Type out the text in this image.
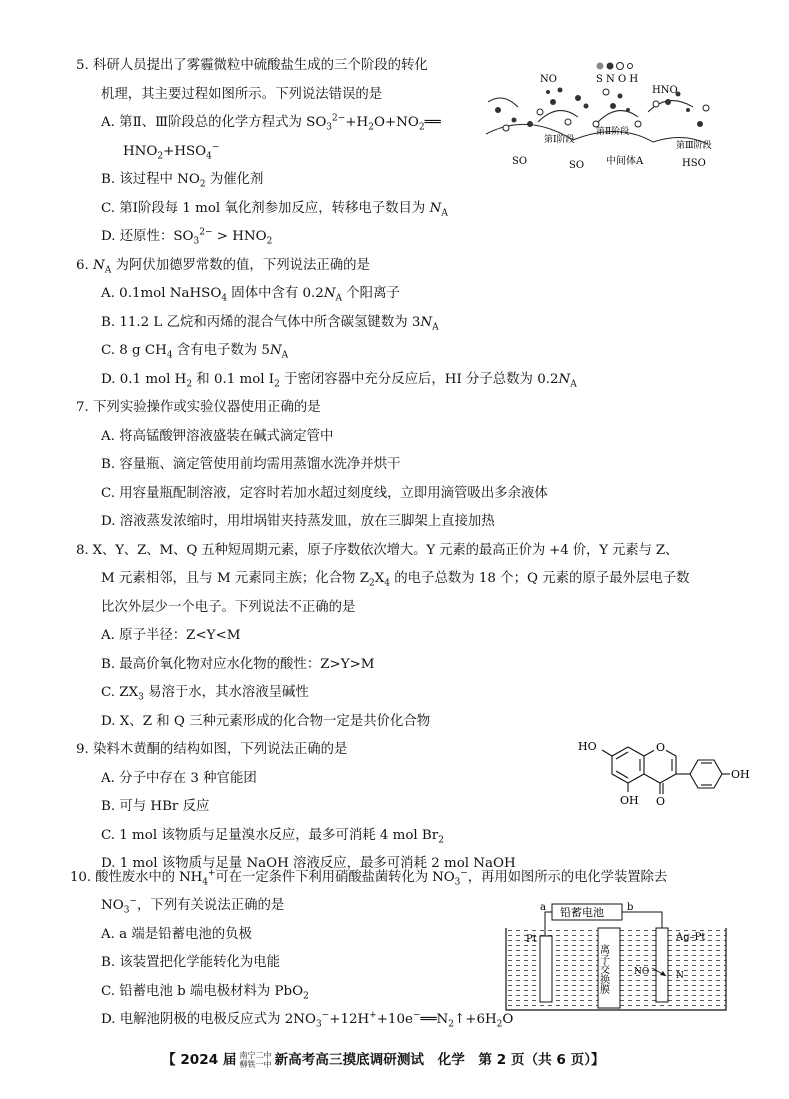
5. 科研人员提出了雾霾微粒中硫酸盐生成的三个阶段的转化
机理，其主要过程如图所示。下列说法错误的是
A. 第Ⅱ、Ⅲ阶段总的化学方程式为 $SO_3^{2-}+H_2O+NO_2══$
$HNO_2+HSO_4^-$
B. 该过程中 $NO_2$ 为催化剂
C. 第Ⅰ阶段每 1 mol 氧化剂参加反应，转移电子数目为 $N_A$
D. 还原性：$SO_3^{2-} > HNO_2$
S N O H
NO
HNO
SO	SO
第Ⅰ阶段
第Ⅱ阶段
第Ⅲ阶段
中间体A	HSO
6. $N_A$ 为阿伏加德罗常数的值，下列说法正确的是
A. 0.1mol NaHSO$_4$ 固体中含有 $0.2N_A$ 个阳离子
B. 11.2 L 乙烷和丙烯的混合气体中所含碳氢键数为 $3N_A$
C. 8 g $CH_4$ 含有电子数为 $5N_A$
D. 0.1 mol $H_2$ 和 0.1 mol $I_2$ 于密闭容器中充分反应后，HI 分子总数为 $0.2N_A$
7. 下列实验操作或实验仪器使用正确的是
A. 将高锰酸钾溶液盛装在碱式滴定管中
B. 容量瓶、滴定管使用前均需用蒸馏水洗净并烘干
C. 用容量瓶配制溶液，定容时若加水超过刻度线，立即用滴管吸出多余液体
D. 溶液蒸发浓缩时，用坩埚钳夹持蒸发皿，放在三脚架上直接加热
8. X、Y、Z、M、Q 五种短周期元素，原子序数依次增大。Y 元素的最高正价为 +4 价，Y 元素与 Z、
M 元素相邻，且与 M 元素同主族；化合物 $Z_2X_4$ 的电子总数为 18 个；Q 元素的原子最外层电子数
比次外层少一个电子。下列说法不正确的是
A. 原子半径：Z<Y<M
B. 最高价氧化物对应水化物的酸性：Z>Y>M
C. $ZX_3$ 易溶于水，其水溶液呈碱性
D. X、Z 和 Q 三种元素形成的化合物一定是共价化合物
9. 染料木黄酮的结构如图，下列说法正确的是
A. 分子中存在 3 种官能团
B. 可与 HBr 反应
C. 1 mol 该物质与足量溴水反应，最多可消耗 4 mol $Br_2$
D. 1 mol 该物质与足量 NaOH 溶液反应，最多可消耗 2 mol NaOH
O
HO
OH O
OH
10. 酸性废水中的 $NH_4^+$可在一定条件下利用硝酸盐菌转化为 $NO_3^-$，再用如图所示的电化学装置除去
$NO_3^-$，下列有关说法正确的是
A. a 端是铅蓄电池的负极
B. 该装置把化学能转化为电能
C. 铅蓄电池 b 端电极材料为 PbO$_2$
D. 电解池阴极的电极反应式为 $2NO_3^-+12H^++10e^-══N_2↑+6H_2O$
铅蓄电池
a	b
离子交换膜
Pt	Ag–Pt
NO	N
【 2024 届 南宁二中
柳铁一中 新高考高三摸底调研测试　化学　第 2 页（共 6 页）】
